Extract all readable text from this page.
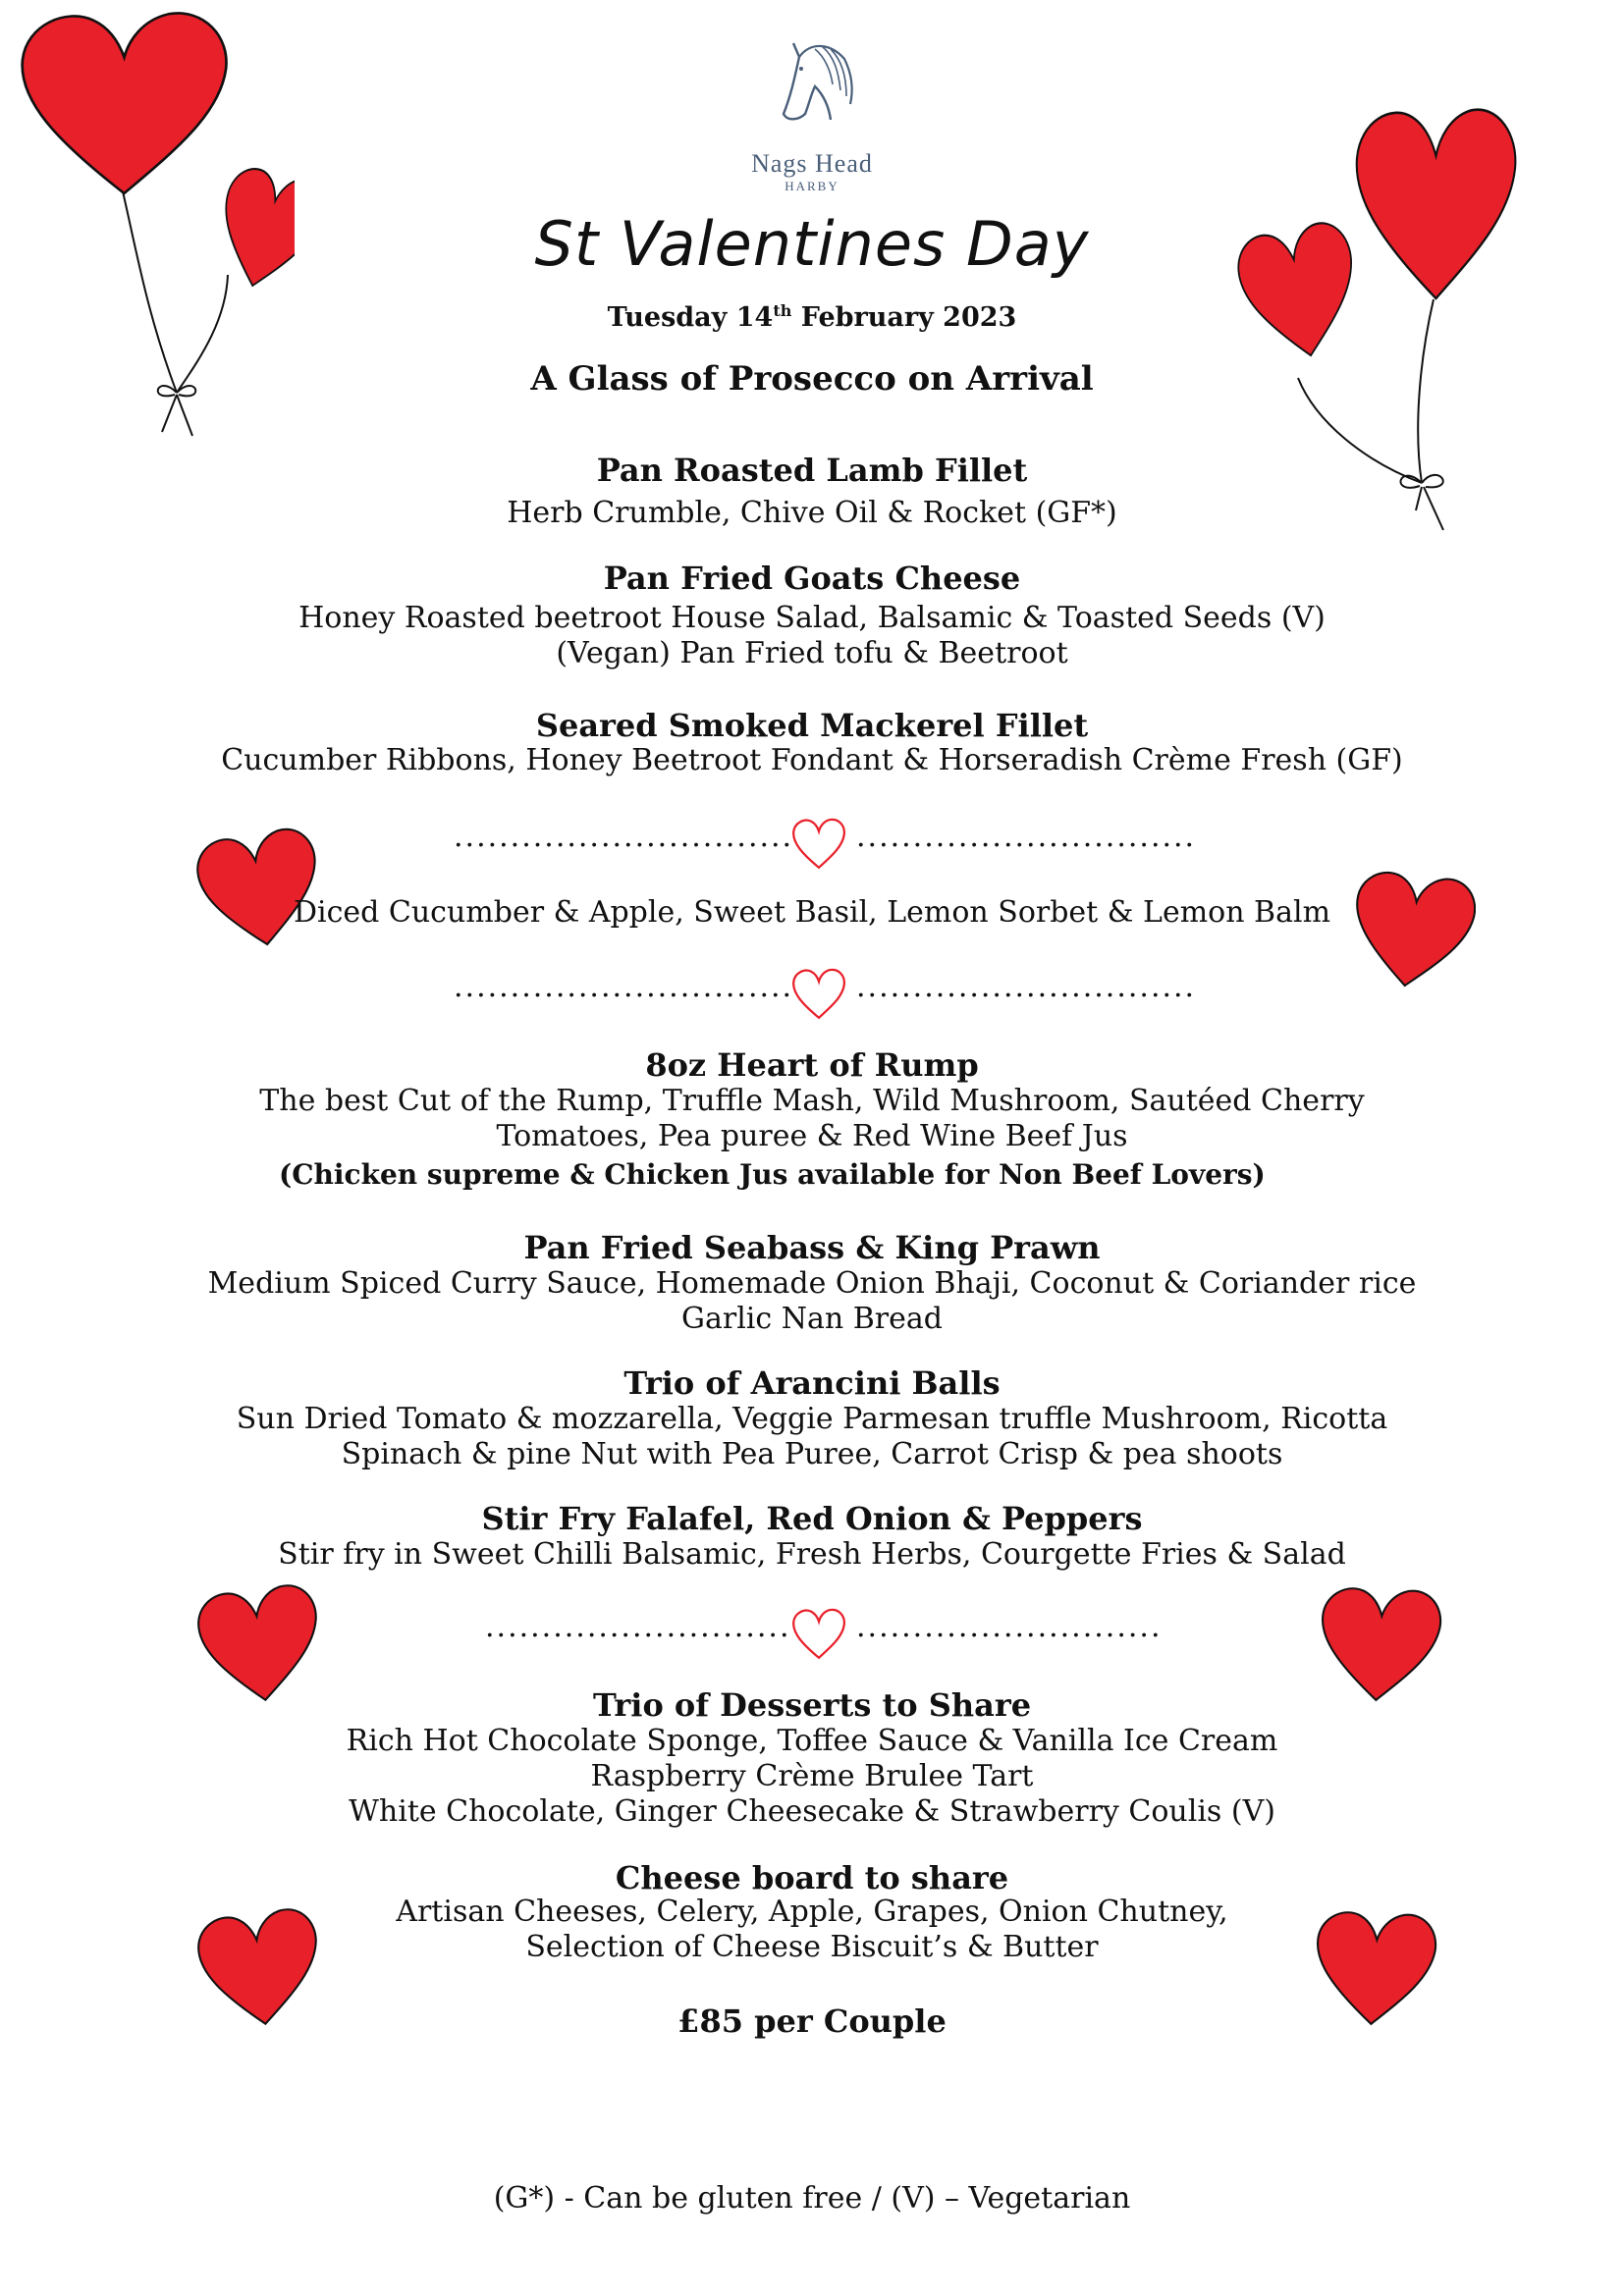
Nags Head
HARBY
St Valentines Day
Tuesday 14th February 2023
A Glass of Prosecco on Arrival
Pan Roasted Lamb Fillet
Herb Crumble, Chive Oil & Rocket (GF*)
Pan Fried Goats Cheese
Honey Roasted beetroot House Salad, Balsamic & Toasted Seeds (V)
(Vegan) Pan Fried tofu & Beetroot
Seared Smoked Mackerel Fillet
Cucumber Ribbons, Honey Beetroot Fondant & Horseradish Crème Fresh (GF)
.............................. ..............................
Diced Cucumber & Apple, Sweet Basil, Lemon Sorbet & Lemon Balm
.............................. ..............................
8oz Heart of Rump
The best Cut of the Rump, Truffle Mash, Wild Mushroom, Sautéed Cherry
Tomatoes, Pea puree & Red Wine Beef Jus
(Chicken supreme & Chicken Jus available for Non Beef Lovers)
Pan Fried Seabass & King Prawn
Medium Spiced Curry Sauce, Homemade Onion Bhaji, Coconut & Coriander rice
Garlic Nan Bread
Trio of Arancini Balls
Sun Dried Tomato & mozzarella, Veggie Parmesan truffle Mushroom, Ricotta
Spinach & pine Nut with Pea Puree, Carrot Crisp & pea shoots
Stir Fry Falafel, Red Onion & Peppers
Stir fry in Sweet Chilli Balsamic, Fresh Herbs, Courgette Fries & Salad
........................... ...........................
Trio of Desserts to Share
Rich Hot Chocolate Sponge, Toffee Sauce & Vanilla Ice Cream
Raspberry Crème Brulee Tart
White Chocolate, Ginger Cheesecake & Strawberry Coulis (V)
Cheese board to share
Artisan Cheeses, Celery, Apple, Grapes, Onion Chutney,
Selection of Cheese Biscuit’s & Butter
£85 per Couple
(G*) - Can be gluten free / (V) – Vegetarian
